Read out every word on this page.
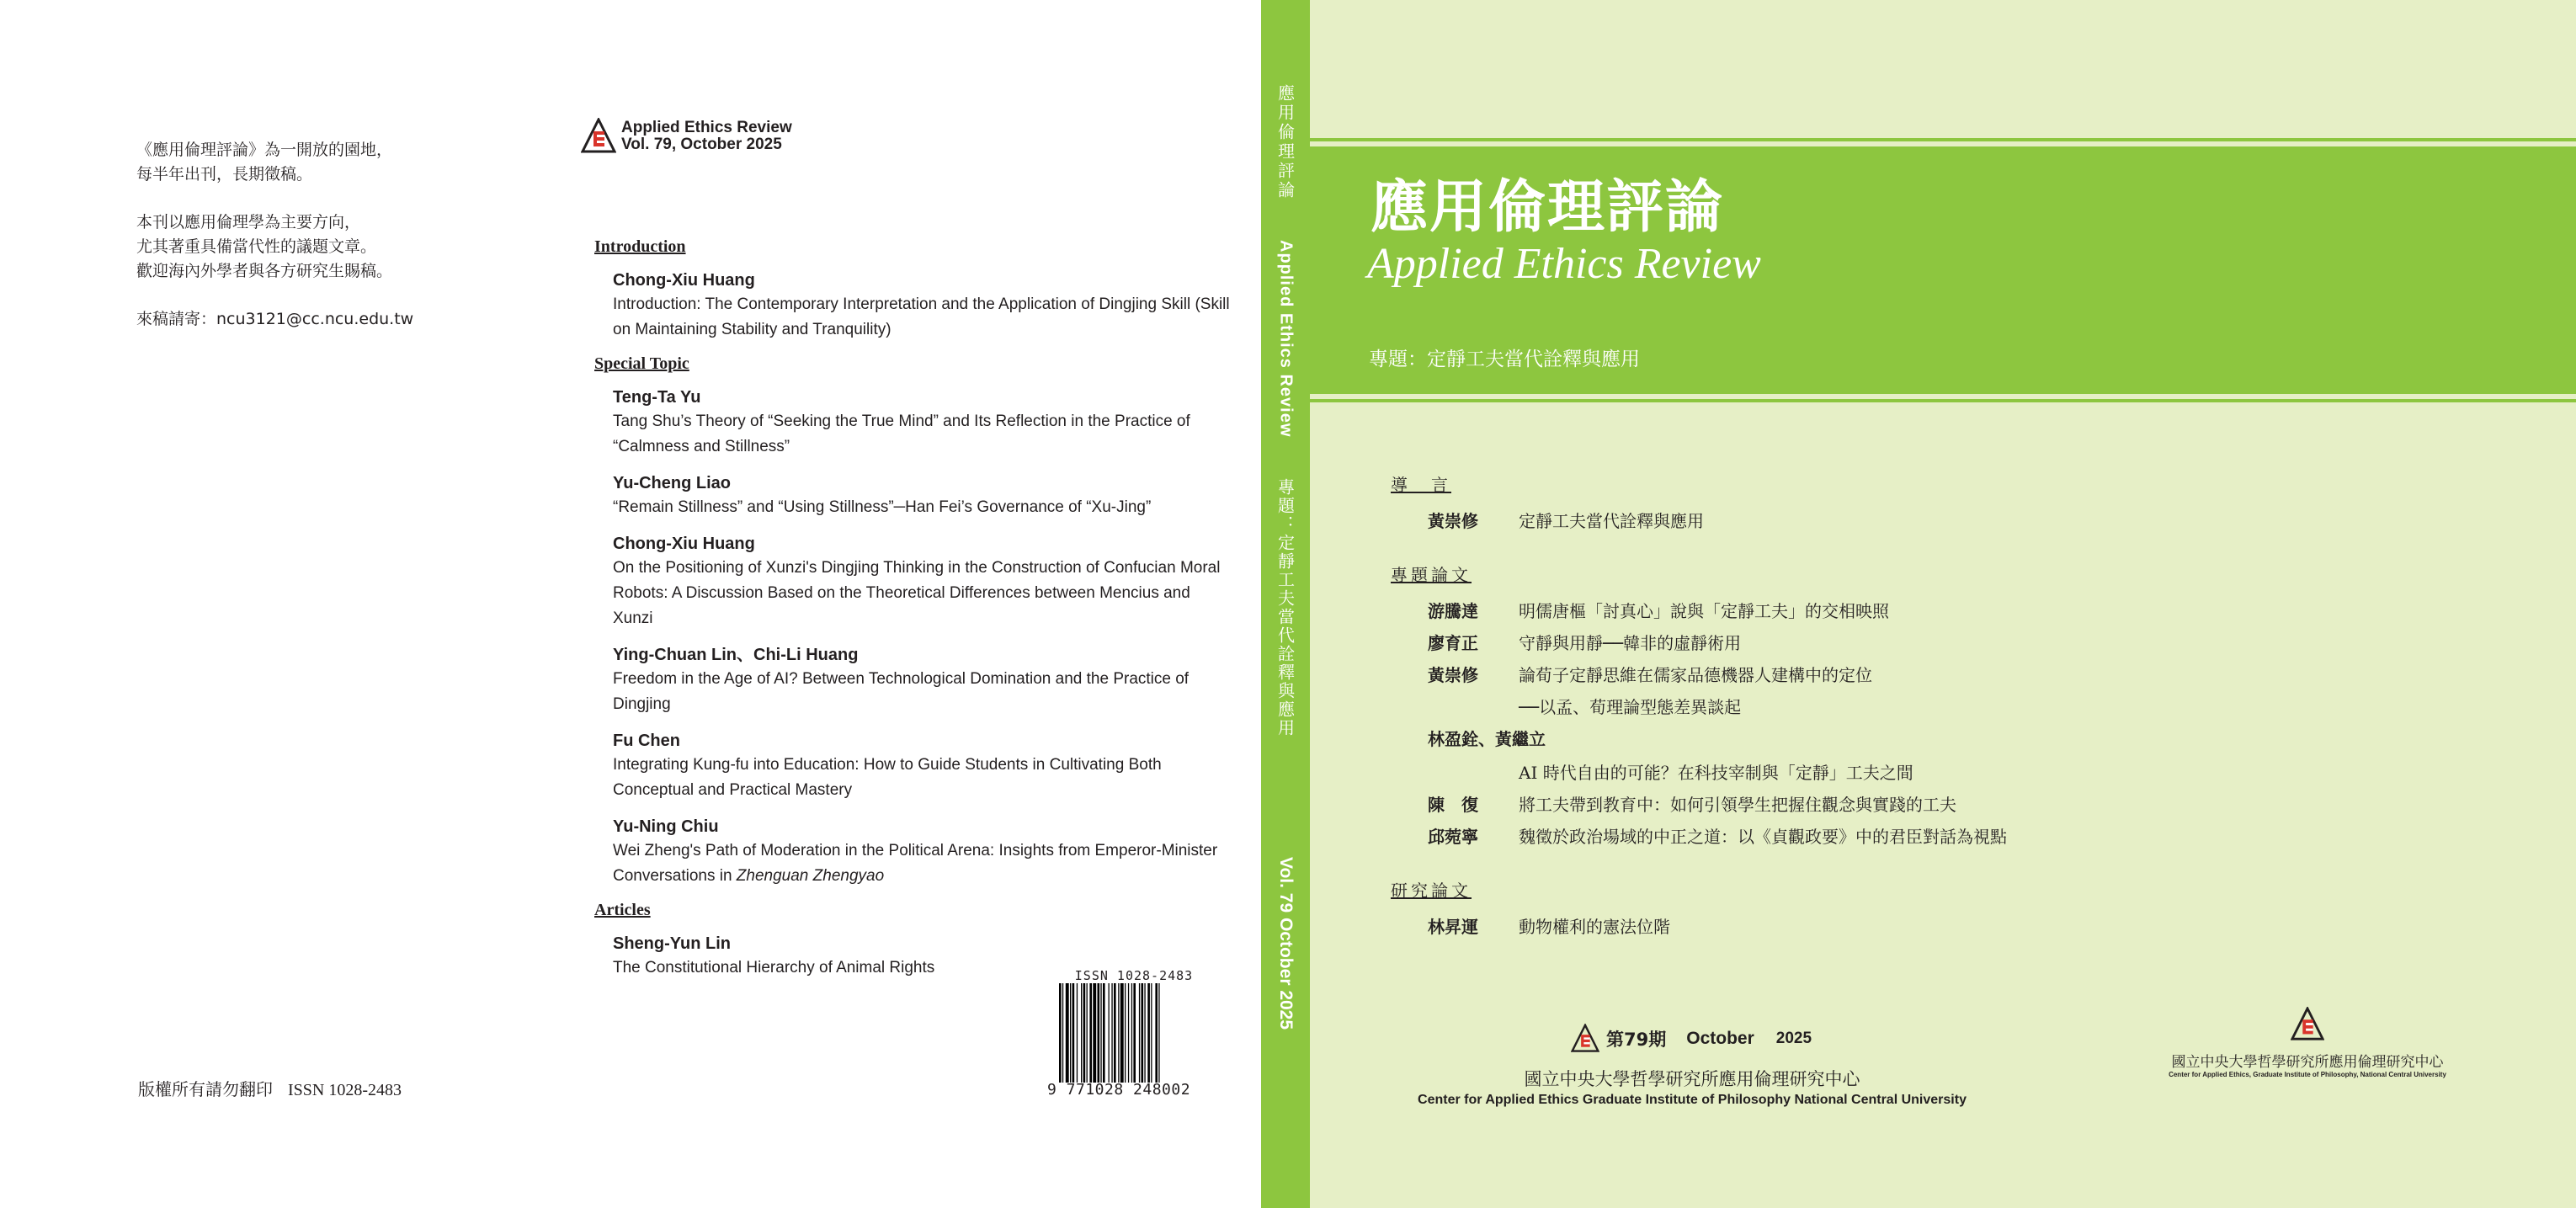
《應用倫理評論》為一開放的園地，
每半年出刊，長期徵稿。
本刊以應用倫理學為主要方向，
尤其著重具備當代性的議題文章。
歡迎海內外學者與各方研究生賜稿。
來稿請寄：ncu3121@cc.ncu.edu.tw
版權所有請勿翻印 ISSN 1028-2483
Applied Ethics Review
Vol. 79, October 2025
Introduction
Chong-Xiu Huang
Introduction: The Contemporary Interpretation and the Application of Dingjing Skill (Skill on Maintaining Stability and Tranquility)
Special Topic
Teng-Ta Yu
Tang Shu’s Theory of “Seeking the True Mind” and Its Reflection in the Practice of “Calmness and Stillness”
Yu-Cheng Liao
“Remain Stillness” and “Using Stillness”─Han Fei’s Governance of “Xu-Jing”
Chong-Xiu Huang
On the Positioning of Xunzi's Dingjing Thinking in the Construction of Confucian Moral Robots: A Discussion Based on the Theoretical Differences between Mencius and Xunzi
Ying-Chuan Lin、Chi-Li Huang
Freedom in the Age of AI? Between Technological Domination and the Practice of Dingjing
Fu Chen
Integrating Kung-fu into Education: How to Guide Students in Cultivating Both Conceptual and Practical Mastery
Yu-Ning Chiu
Wei Zheng's Path of Moderation in the Political Arena: Insights from Emperor-Minister Conversations in Zhenguan Zhengyao
Articles
Sheng-Yun Lin
The Constitutional Hierarchy of Animal Rights	ISSN 1028-2483
9 771028 248002
應用倫理評論
Applied Ethics Review
專題：定靜工夫當代詮釋與應用
Vol. 79 October 2025
應用倫理評論
Applied Ethics Review
專題：定靜工夫當代詮釋與應用
導　言
黃崇修	定靜工夫當代詮釋與應用
專題論文
游騰達	明儒唐樞「討真心」說與「定靜工夫」的交相映照
廖育正	守靜與用靜──韓非的虛靜術用
黃崇修	論荀子定靜思維在儒家品德機器人建構中的定位
──以孟、荀理論型態差異談起
林盈銓、黃繼立
AI 時代自由的可能？在科技宰制與「定靜」工夫之間
陳　復	將工夫帶到教育中：如何引領學生把握住觀念與實踐的工夫
邱菀寧	魏徵於政治場域的中正之道：以《貞觀政要》中的君臣對話為視點
研究論文
林昇運	動物權利的憲法位階
第79期 October 2025
國立中央大學哲學研究所應用倫理研究中心
Center for Applied Ethics Graduate Institute of Philosophy National Central University
國立中央大學哲學研究所應用倫理研究中心
Center for Applied Ethics, Graduate Institute of Philosophy, National Central University
